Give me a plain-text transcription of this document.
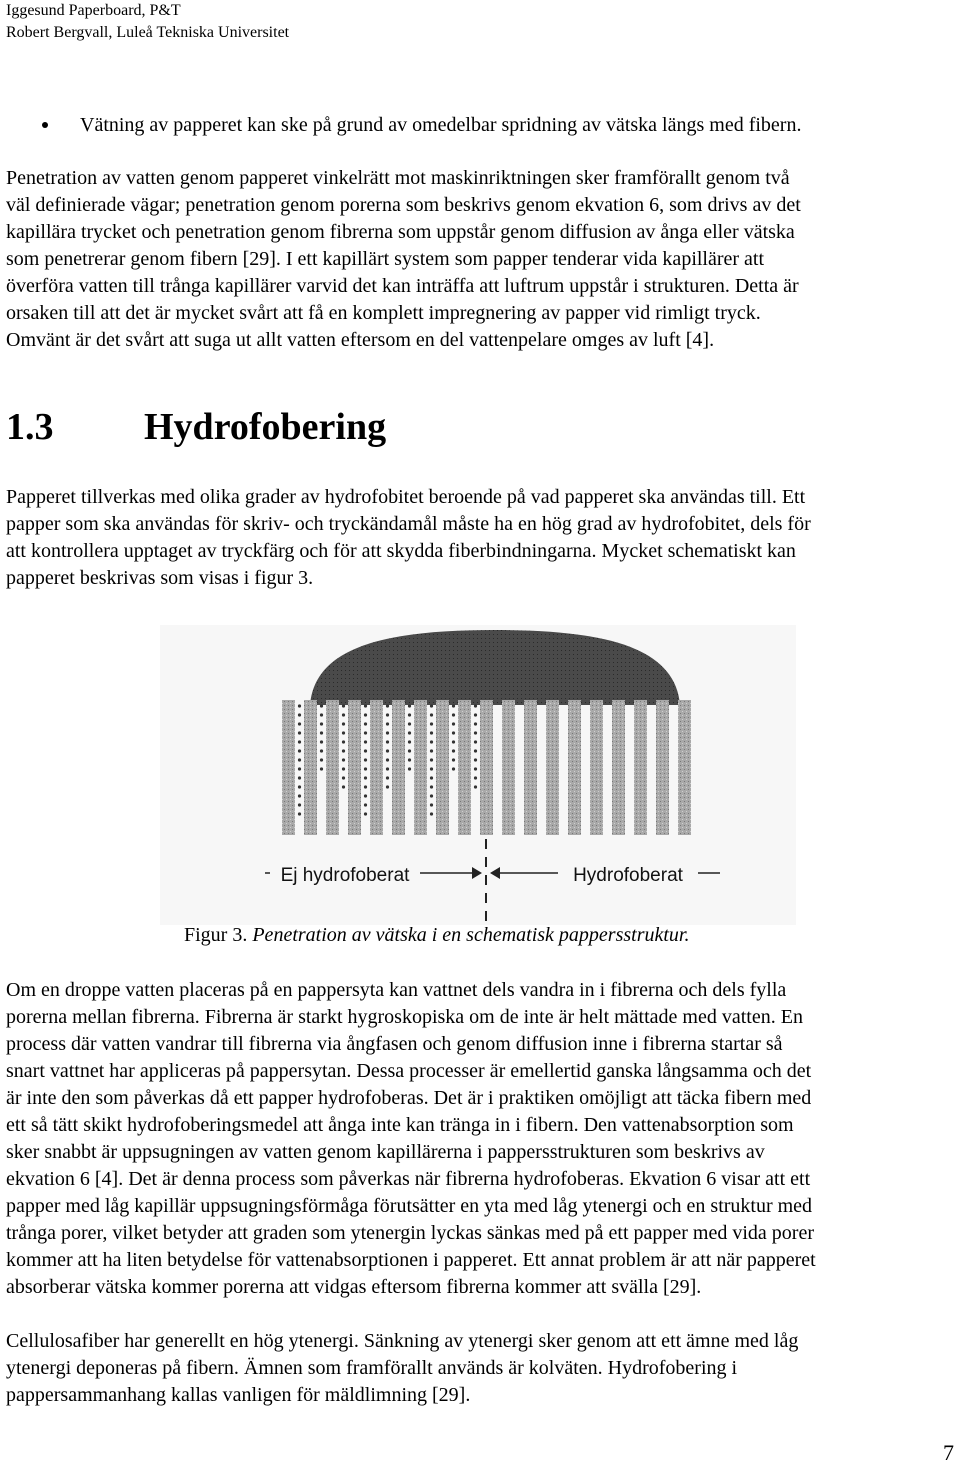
Iggesund Paperboard, P&T
Robert Bergvall, Luleå Tekniska Universitet
Vätning av papperet kan ske på grund av omedelbar spridning av vätska längs med fibern.
Penetration av vatten genom papperet vinkelrätt mot maskinriktningen sker framförallt genom två
väl definierade vägar; penetration genom porerna som beskrivs genom ekvation 6, som drivs av det
kapillära trycket och penetration genom fibrerna som uppstår genom diffusion av ånga eller vätska
som penetrerar genom fibern [29]. I ett kapillärt system som papper tenderar vida kapillärer att
överföra vatten till trånga kapillärer varvid det kan inträffa att luftrum uppstår i strukturen. Detta är
orsaken till att det är mycket svårt att få en komplett impregnering av papper vid rimligt tryck.
Omvänt är det svårt att suga ut allt vatten eftersom en del vattenpelare omges av luft [4].
1.3 Hydrofobering
Papperet tillverkas med olika grader av hydrofobitet beroende på vad papperet ska användas till. Ett
papper som ska användas för skriv- och tryckändamål måste ha en hög grad av hydrofobitet, dels för
att kontrollera upptaget av tryckfärg och för att skydda fiberbindningarna. Mycket schematiskt kan
papperet beskrivas som visas i figur 3.
Ej hydrofoberat	Hydrofoberat
Figur 3. Penetration av vätska i en schematisk pappersstruktur.
Om en droppe vatten placeras på en pappersyta kan vattnet dels vandra in i fibrerna och dels fylla
porerna mellan fibrerna. Fibrerna är starkt hygroskopiska om de inte är helt mättade med vatten. En
process där vatten vandrar till fibrerna via ångfasen och genom diffusion inne i fibrerna startar så
snart vattnet har appliceras på pappersytan. Dessa processer är emellertid ganska långsamma och det
är inte den som påverkas då ett papper hydrofoberas. Det är i praktiken omöjligt att täcka fibern med
ett så tätt skikt hydrofoberingsmedel att ånga inte kan tränga in i fibern. Den vattenabsorption som
sker snabbt är uppsugningen av vatten genom kapillärerna i pappersstrukturen som beskrivs av
ekvation 6 [4]. Det är denna process som påverkas när fibrerna hydrofoberas. Ekvation 6 visar att ett
papper med låg kapillär uppsugningsförmåga förutsätter en yta med låg ytenergi och en struktur med
trånga porer, vilket betyder att graden som ytenergin lyckas sänkas med på ett papper med vida porer
kommer att ha liten betydelse för vattenabsorptionen i papperet. Ett annat problem är att när papperet
absorberar vätska kommer porerna att vidgas eftersom fibrerna kommer att svälla [29].
Cellulosafiber har generellt en hög ytenergi. Sänkning av ytenergi sker genom att ett ämne med låg
ytenergi deponeras på fibern. Ämnen som framförallt används är kolväten. Hydrofobering i
pappersammanhang kallas vanligen för mäldlimning [29].
7
